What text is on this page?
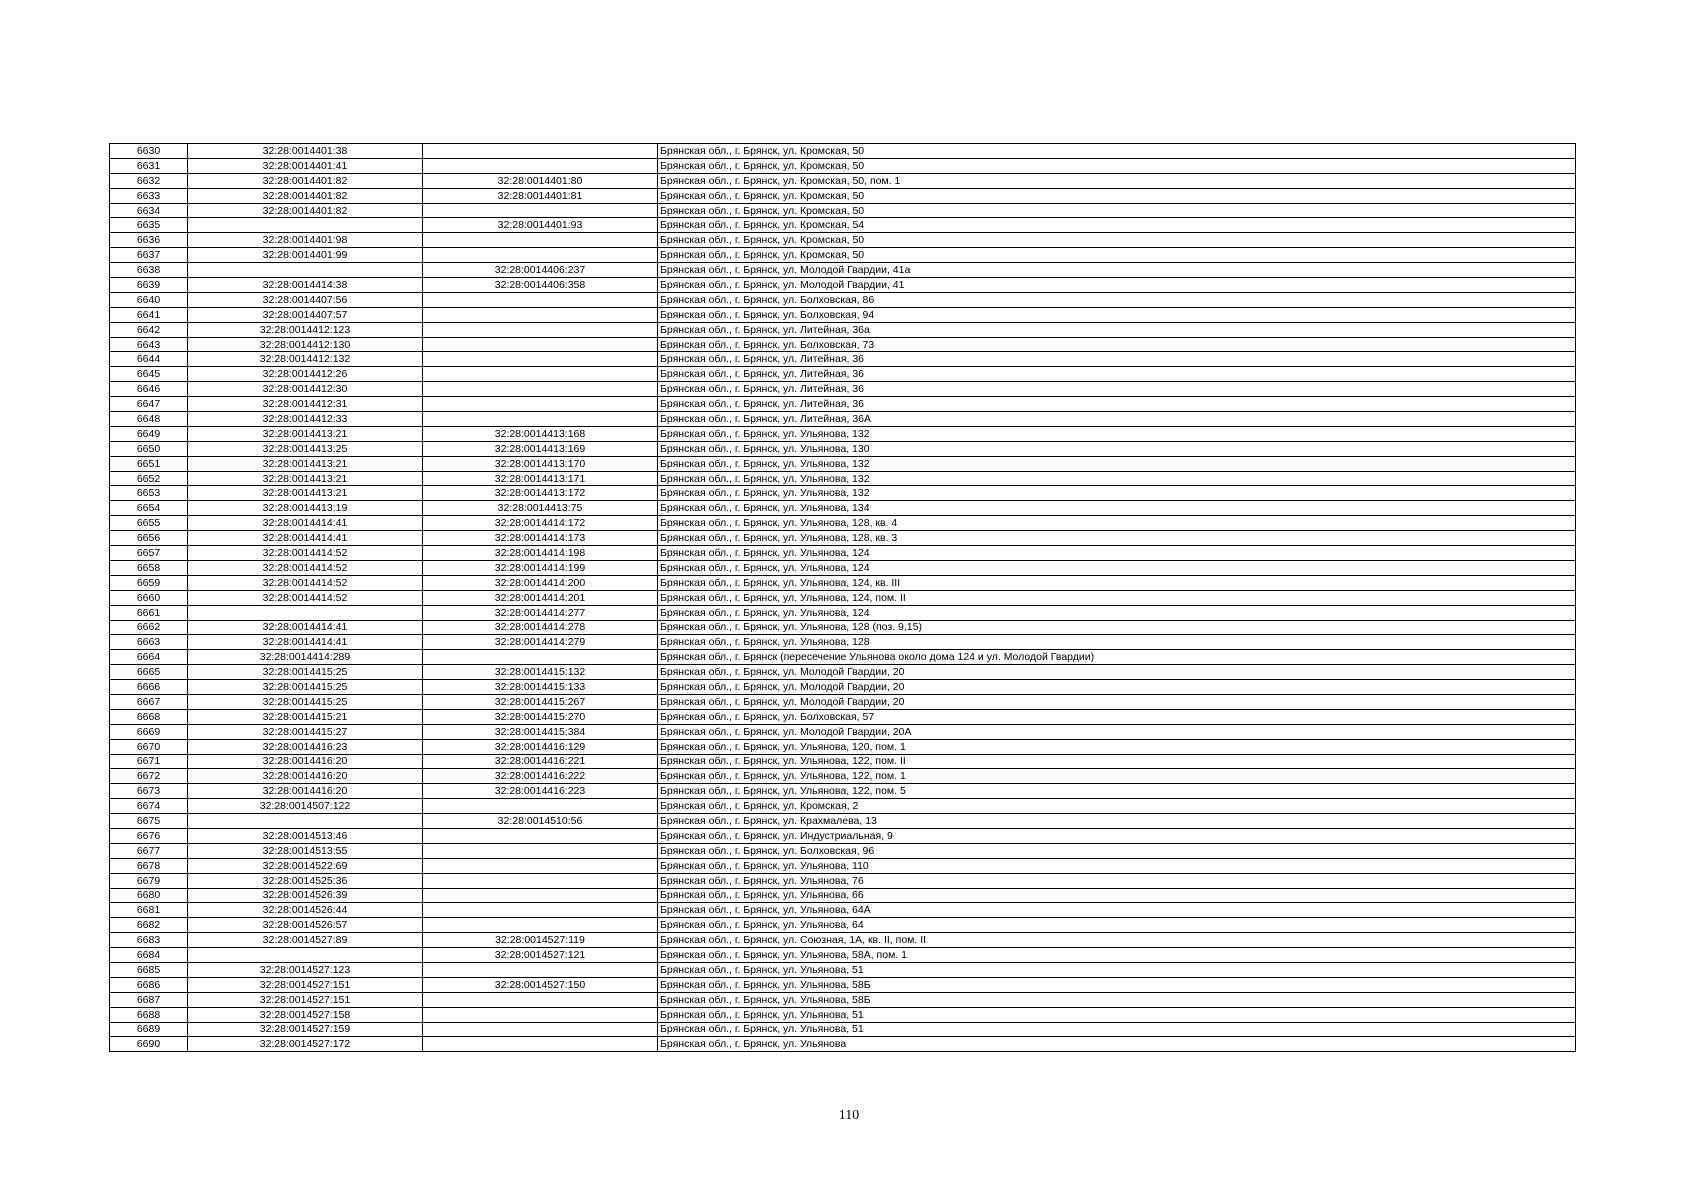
6630	32:28:0014401:38		Брянская обл., г. Брянск, ул. Кромская, 50
6631	32:28:0014401:41		Брянская обл., г. Брянск, ул. Кромская, 50
6632	32:28:0014401:82	32:28:0014401:80	Брянская обл., г. Брянск, ул. Кромская, 50, пом. 1
6633	32:28:0014401:82	32:28:0014401:81	Брянская обл., г. Брянск, ул. Кромская, 50
6634	32:28:0014401:82		Брянская обл., г. Брянск, ул. Кромская, 50
6635		32:28:0014401:93	Брянская обл., г. Брянск, ул. Кромская, 54
6636	32:28:0014401:98		Брянская обл., г. Брянск, ул. Кромская, 50
6637	32:28:0014401:99		Брянская обл., г. Брянск, ул. Кромская, 50
6638		32:28:0014406:237	Брянская обл., г. Брянск, ул. Молодой Гвардии, 41а
6639	32:28:0014414:38	32:28:0014406:358	Брянская обл., г. Брянск, ул. Молодой Гвардии, 41
6640	32:28:0014407:56		Брянская обл., г. Брянск, ул. Болховская, 86
6641	32:28:0014407:57		Брянская обл., г. Брянск, ул. Болховская, 94
6642	32:28:0014412:123		Брянская обл., г. Брянск, ул. Литейная, 36а
6643	32:28:0014412:130		Брянская обл., г. Брянск, ул. Болховская, 73
6644	32:28:0014412:132		Брянская обл., г. Брянск, ул. Литейная, 36
6645	32:28:0014412:26		Брянская обл., г. Брянск, ул. Литейная, 36
6646	32:28:0014412:30		Брянская обл., г. Брянск, ул. Литейная, 36
6647	32:28:0014412:31		Брянская обл., г. Брянск, ул. Литейная, 36
6648	32:28:0014412:33		Брянская обл., г. Брянск, ул. Литейная, 36А
6649	32:28:0014413:21	32:28:0014413:168	Брянская обл., г. Брянск, ул. Ульянова, 132
6650	32:28:0014413:25	32:28:0014413:169	Брянская обл., г. Брянск, ул. Ульянова, 130
6651	32:28:0014413:21	32:28:0014413:170	Брянская обл., г. Брянск, ул. Ульянова, 132
6652	32:28:0014413:21	32:28:0014413:171	Брянская обл., г. Брянск, ул. Ульянова, 132
6653	32:28:0014413:21	32:28:0014413:172	Брянская обл., г. Брянск, ул. Ульянова, 132
6654	32:28:0014413:19	32:28:0014413:75	Брянская обл., г. Брянск, ул. Ульянова, 134
6655	32:28:0014414:41	32:28:0014414:172	Брянская обл., г. Брянск, ул. Ульянова, 128, кв. 4
6656	32:28:0014414:41	32:28:0014414:173	Брянская обл., г. Брянск, ул. Ульянова, 128, кв. 3
6657	32:28:0014414:52	32:28:0014414:198	Брянская обл., г. Брянск, ул. Ульянова, 124
6658	32:28:0014414:52	32:28:0014414:199	Брянская обл., г. Брянск, ул. Ульянова, 124
6659	32:28:0014414:52	32:28:0014414:200	Брянская обл., г. Брянск, ул. Ульянова, 124, кв. III
6660	32:28:0014414:52	32:28:0014414:201	Брянская обл., г. Брянск, ул. Ульянова, 124, пом. II
6661		32:28:0014414:277	Брянская обл., г. Брянск, ул. Ульянова, 124
6662	32:28:0014414:41	32:28:0014414:278	Брянская обл., г. Брянск, ул. Ульянова, 128 (поз. 9,15)
6663	32:28:0014414:41	32:28:0014414:279	Брянская обл., г. Брянск, ул. Ульянова, 128
6664	32:28:0014414:289		Брянская обл., г. Брянск (пересечение Ульянова около дома 124 и ул. Молодой Гвардии)
6665	32:28:0014415:25	32:28:0014415:132	Брянская обл., г. Брянск, ул. Молодой Гвардии, 20
6666	32:28:0014415:25	32:28:0014415:133	Брянская обл., г. Брянск, ул. Молодой Гвардии, 20
6667	32:28:0014415:25	32:28:0014415:267	Брянская обл., г. Брянск, ул. Молодой Гвардии, 20
6668	32:28:0014415:21	32:28:0014415:270	Брянская обл., г. Брянск, ул. Болховская, 57
6669	32:28:0014415:27	32:28:0014415:384	Брянская обл., г. Брянск, ул. Молодой Гвардии, 20А
6670	32:28:0014416:23	32:28:0014416:129	Брянская обл., г. Брянск, ул. Ульянова, 120, пом. 1
6671	32:28:0014416:20	32:28:0014416:221	Брянская обл., г. Брянск, ул. Ульянова, 122, пом. II
6672	32:28:0014416:20	32:28:0014416:222	Брянская обл., г. Брянск, ул. Ульянова, 122, пом. 1
6673	32:28:0014416:20	32:28:0014416:223	Брянская обл., г. Брянск, ул. Ульянова, 122, пом. 5
6674	32:28:0014507:122		Брянская обл., г. Брянск, ул. Кромская, 2
6675		32:28:0014510:56	Брянская обл., г. Брянск, ул. Крахмалева, 13
6676	32:28:0014513:46		Брянская обл., г. Брянск, ул. Индустриальная, 9
6677	32:28:0014513:55		Брянская обл., г. Брянск, ул. Болховская, 96
6678	32:28:0014522:69		Брянская обл., г. Брянск, ул. Ульянова, 110
6679	32:28:0014525:36		Брянская обл., г. Брянск, ул. Ульянова, 76
6680	32:28:0014526:39		Брянская обл., г. Брянск, ул. Ульянова, 66
6681	32:28:0014526:44		Брянская обл., г. Брянск, ул. Ульянова, 64А
6682	32:28:0014526:57		Брянская обл., г. Брянск, ул. Ульянова, 64
6683	32:28:0014527:89	32:28:0014527:119	Брянская обл., г. Брянск, ул. Союзная, 1А, кв. II, пом. II
6684		32:28:0014527:121	Брянская обл., г. Брянск, ул. Ульянова, 58А, пом. 1
6685	32:28:0014527:123		Брянская обл., г. Брянск, ул. Ульянова, 51
6686	32:28:0014527:151	32:28:0014527:150	Брянская обл., г. Брянск, ул. Ульянова, 58Б
6687	32:28:0014527:151		Брянская обл., г. Брянск, ул. Ульянова, 58Б
6688	32:28:0014527:158		Брянская обл., г. Брянск, ул. Ульянова, 51
6689	32:28:0014527:159		Брянская обл., г. Брянск, ул. Ульянова, 51
6690	32:28:0014527:172		Брянская обл., г. Брянск, ул. Ульянова
110
